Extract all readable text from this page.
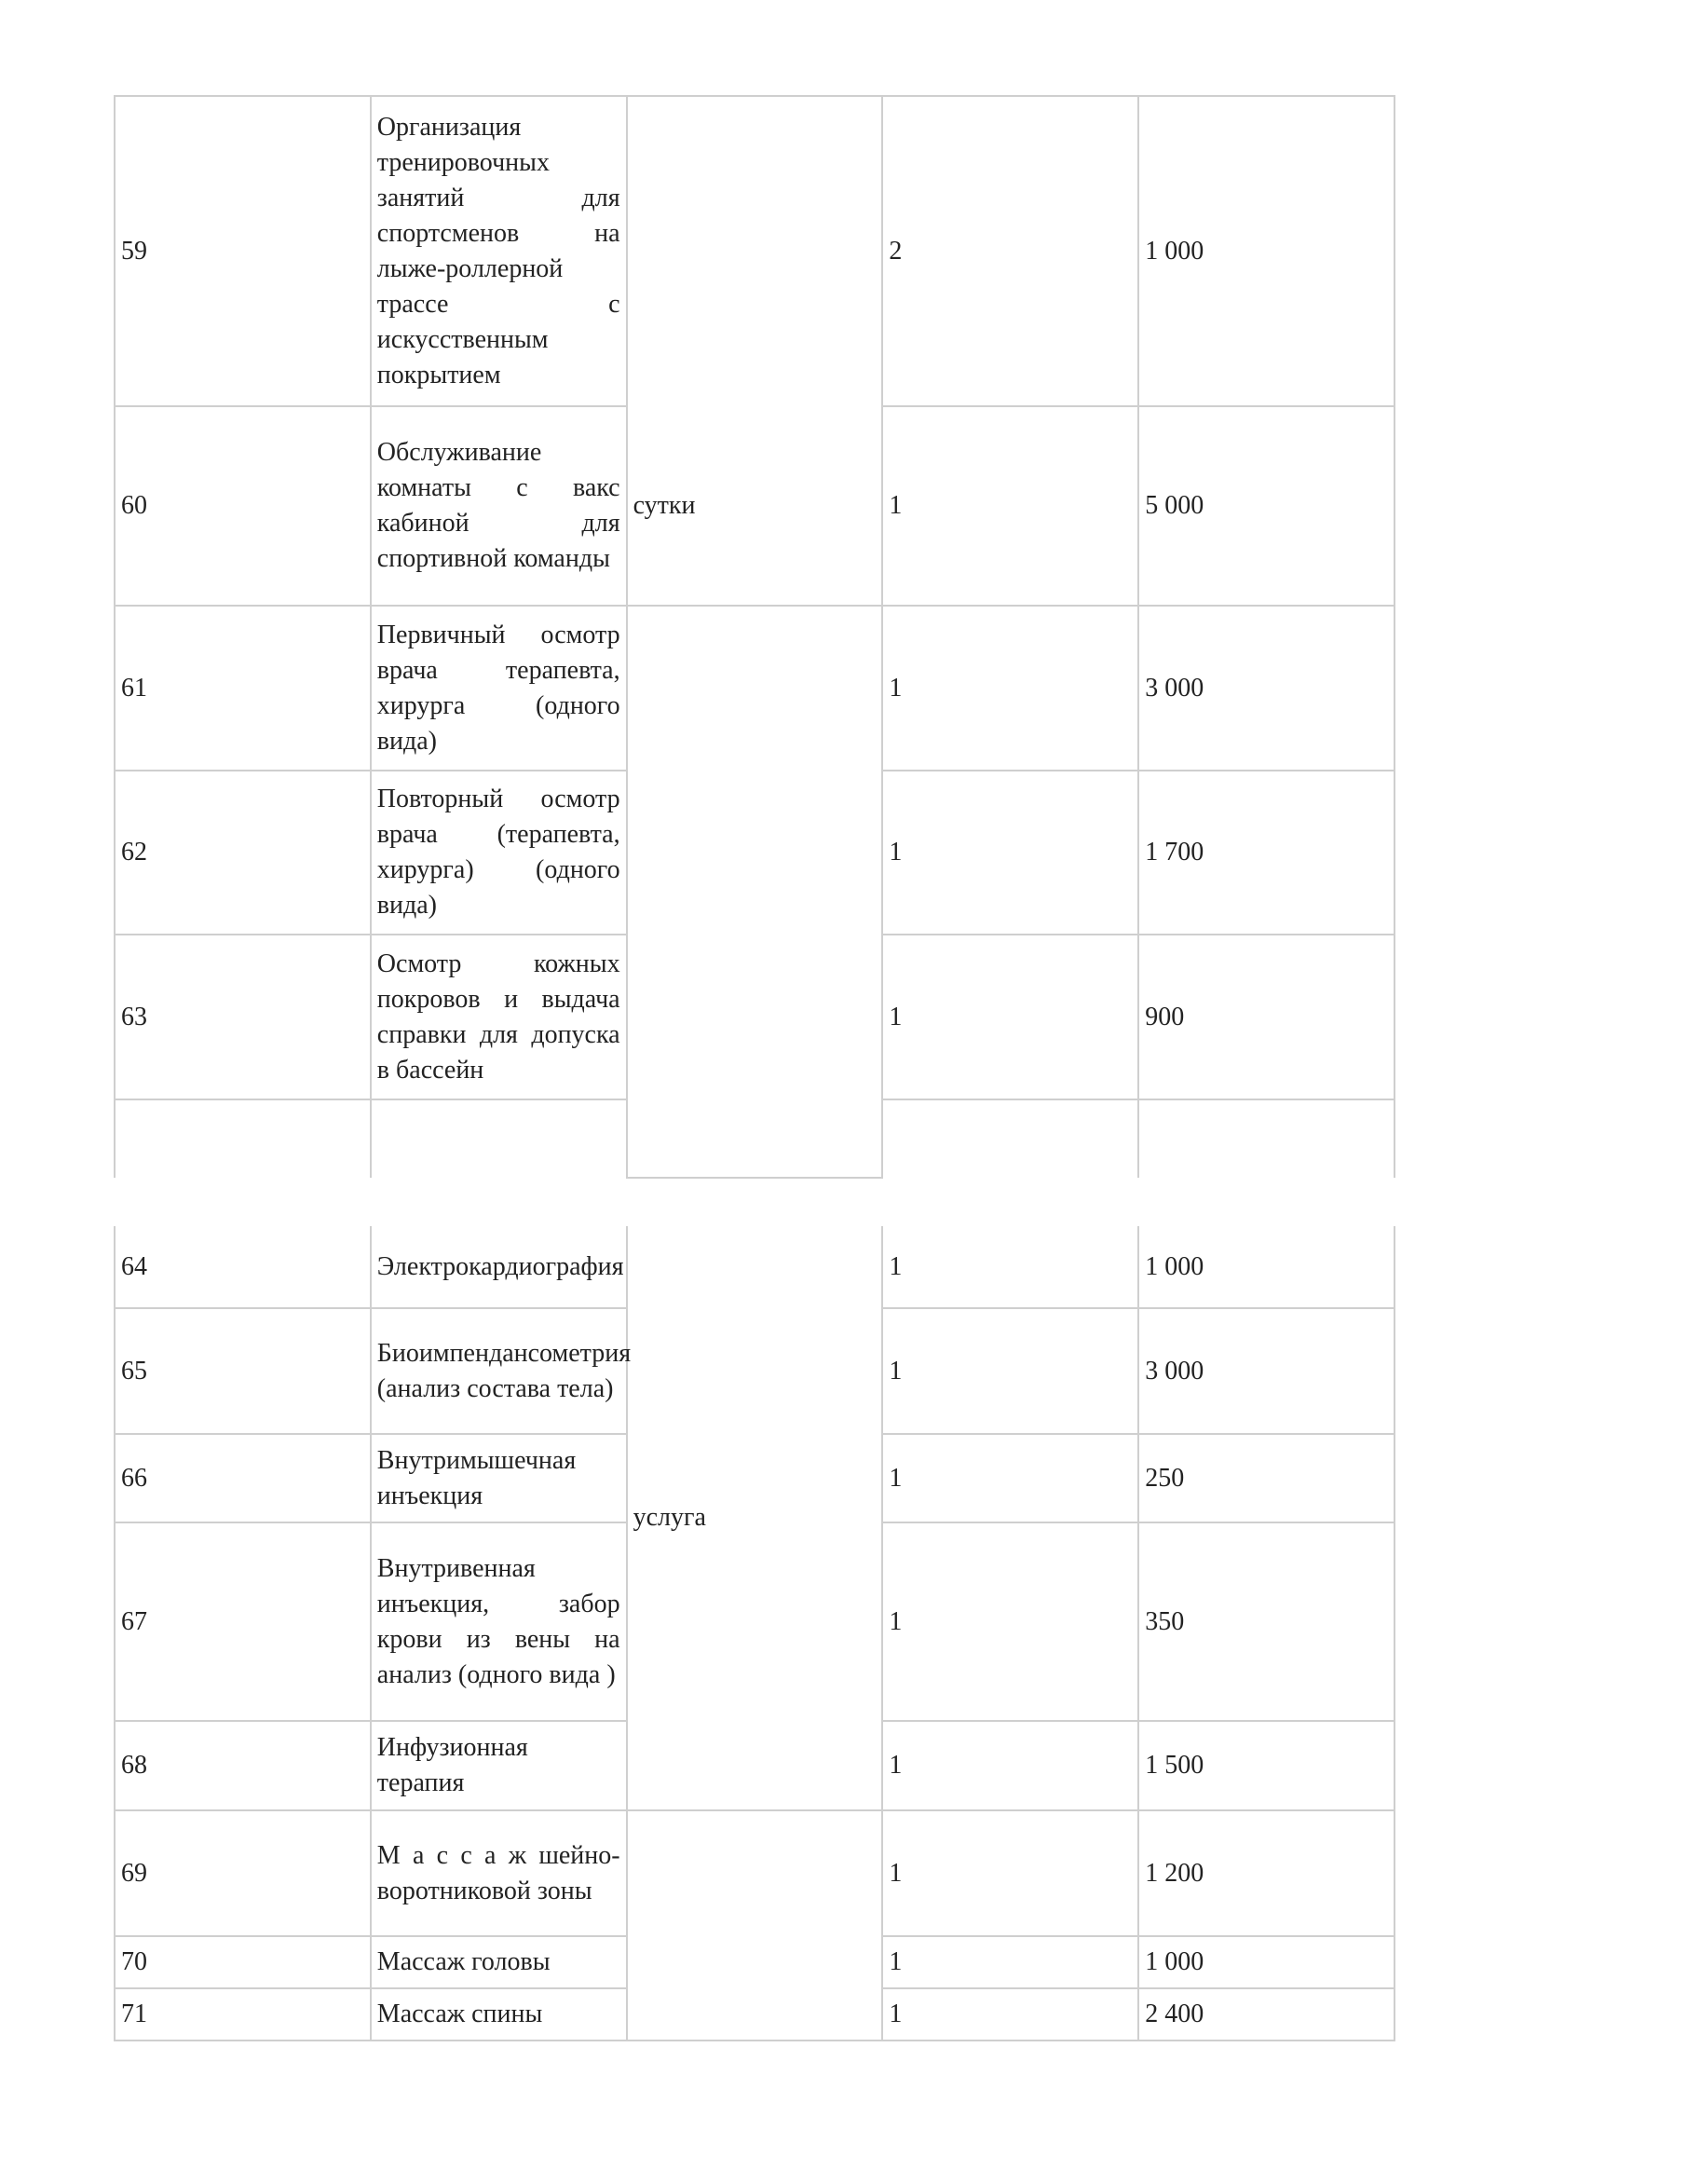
59	Организация тренировочных занятий для спортсменов на лыже-роллерной трассе с искусственным покрытием		2	1 000
60	Обслуживание комнаты с вакс кабиной для спортивной команды	сутки	1	5 000
61	Первичный осмотр врача терапевта, хирурга (одного вида)		1	3 000
62	Повторный осмотр врача (терапевта, хирурга) (одного вида)		1	1 700
63	Осмотр кожных покровов и выдача справки для допуска в бассейн		1	900

64	Электрокардиография	услуга	1	1 000
65	Биоимпендансометрия (анализ состава тела)		1	3 000
66	Внутримышечная инъекция		1	250
67	Внутривенная инъекция, забор крови из вены на анализ (одного вида )		1	350
68	Инфузионная терапия		1	1 500
69	М а с с а ж шейно-воротниковой зоны		1	1 200
70	Массаж головы		1	1 000
71	Массаж спины		1	2 400
